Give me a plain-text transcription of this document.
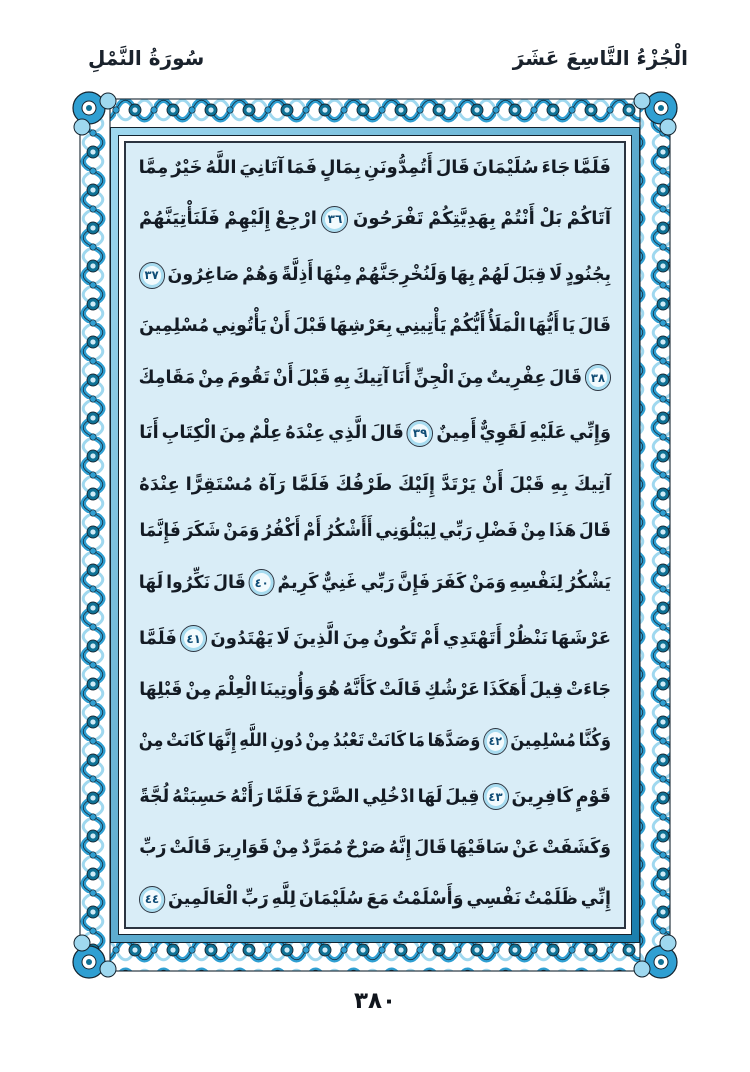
الْجُزْءُ التَّاسِعَ عَشَرَ
سُورَةُ النَّمْلِ
فَلَمَّا
جَاءَ
سُلَيْمَانَ
قَالَ
أَتُمِدُّونَنِ
بِمَالٍ
فَمَا
آتَانِيَ
اللَّهُ
خَيْرٌ
مِمَّا
آتَاكُمْ
بَلْ
أَنْتُمْ
بِهَدِيَّتِكُمْ
تَفْرَحُونَ
٣٦
ارْجِعْ
إِلَيْهِمْ
فَلَنَأْتِيَنَّهُمْ
بِجُنُودٍ
لَا
قِبَلَ
لَهُمْ
بِهَا
وَلَنُخْرِجَنَّهُمْ
مِنْهَا
أَذِلَّةً
وَهُمْ
صَاغِرُونَ
٣٧
قَالَ
يَا
أَيُّهَا
الْمَلَأُ
أَيُّكُمْ
يَأْتِينِي
بِعَرْشِهَا
قَبْلَ
أَنْ
يَأْتُونِي
مُسْلِمِينَ
٣٨
قَالَ
عِفْرِيتٌ
مِنَ
الْجِنِّ
أَنَا
آتِيكَ
بِهِ
قَبْلَ
أَنْ
تَقُومَ
مِنْ
مَقَامِكَ
وَإِنِّي
عَلَيْهِ
لَقَوِيٌّ
أَمِينٌ
٣٩
قَالَ
الَّذِي
عِنْدَهُ
عِلْمٌ
مِنَ
الْكِتَابِ
أَنَا
آتِيكَ
بِهِ
قَبْلَ
أَنْ
يَرْتَدَّ
إِلَيْكَ
طَرْفُكَ
فَلَمَّا
رَآهُ
مُسْتَقِرًّا
عِنْدَهُ
قَالَ
هَذَا
مِنْ
فَضْلِ
رَبِّي
لِيَبْلُوَنِي
أَأَشْكُرُ
أَمْ
أَكْفُرُ
وَمَنْ
شَكَرَ
فَإِنَّمَا
يَشْكُرُ
لِنَفْسِهِ
وَمَنْ
كَفَرَ
فَإِنَّ
رَبِّي
غَنِيٌّ
كَرِيمٌ
٤٠
قَالَ
نَكِّرُوا
لَهَا
عَرْشَهَا
نَنْظُرْ
أَتَهْتَدِي
أَمْ
تَكُونُ
مِنَ
الَّذِينَ
لَا
يَهْتَدُونَ
٤١
فَلَمَّا
جَاءَتْ
قِيلَ
أَهَكَذَا
عَرْشُكِ
قَالَتْ
كَأَنَّهُ
هُوَ
وَأُوتِينَا
الْعِلْمَ
مِنْ
قَبْلِهَا
وَكُنَّا
مُسْلِمِينَ
٤٢
وَصَدَّهَا
مَا
كَانَتْ
تَعْبُدُ
مِنْ
دُونِ
اللَّهِ
إِنَّهَا
كَانَتْ
مِنْ
قَوْمٍ
كَافِرِينَ
٤٣
قِيلَ
لَهَا
ادْخُلِي
الصَّرْحَ
فَلَمَّا
رَأَتْهُ
حَسِبَتْهُ
لُجَّةً
وَكَشَفَتْ
عَنْ
سَاقَيْهَا
قَالَ
إِنَّهُ
صَرْحٌ
مُمَرَّدٌ
مِنْ
قَوَارِيرَ
قَالَتْ
رَبِّ
إِنِّي
ظَلَمْتُ
نَفْسِي
وَأَسْلَمْتُ
مَعَ
سُلَيْمَانَ
لِلَّهِ
رَبِّ
الْعَالَمِينَ
٤٤
٣٨٠
